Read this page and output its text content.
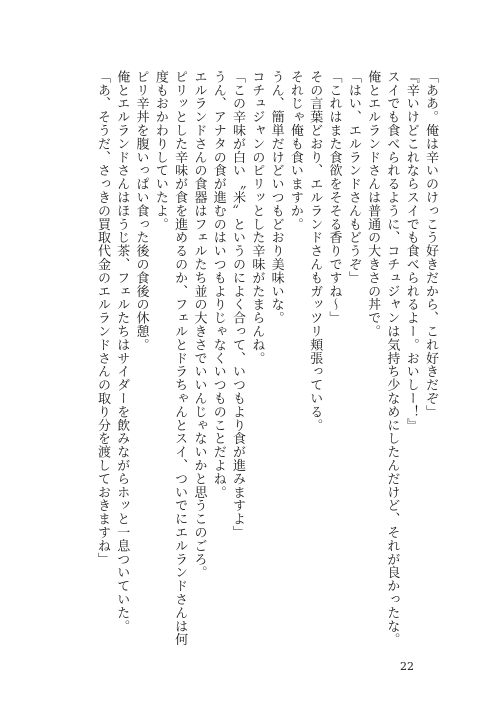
「ああ。俺は辛いのけっこう好きだから、これ好きだぞ」

『辛いけどこれならスイでも食べられるよー。おいしー！』

スイでも食べられるように、コチュジャンは気持ち少なめにしたんだけど、それが良かったな。

俺とエルランドさんは普通の大きさの丼で。

「はい、エルランドさんもどうぞ」

「これはまた食欲をそそる香りですね～」

その言葉どおり、エルランドさんもガッツリ頬張っている。

それじゃ俺も食いますか。

うん、簡単だけどいつもどおり美味いな。

コチュジャンのピリッとした辛味がたまらんね。

「この辛味が白い〝米〟というのによく合って、いつもより食が進みますよ」

うん、アナタの食が進むのはいつもよりじゃなくいつものことだよね。

エルランドさんの食器はフェルたち並の大きさでいいんじゃないかと思うこのごろ。

ピリッとした辛味が食を進めるのか、フェルとドラちゃんとスイ、ついでにエルランドさんは何

度もおかわりしていたよ。

ピリ辛丼を腹いっぱい食った後の食後の休憩。

俺とエルランドさんはほうじ茶、フェルたちはサイダーを飲みながらホッと一息ついていた。

「あ、そうだ、さっきの買取代金のエルランドさんの取り分を渡しておきますね」

22
